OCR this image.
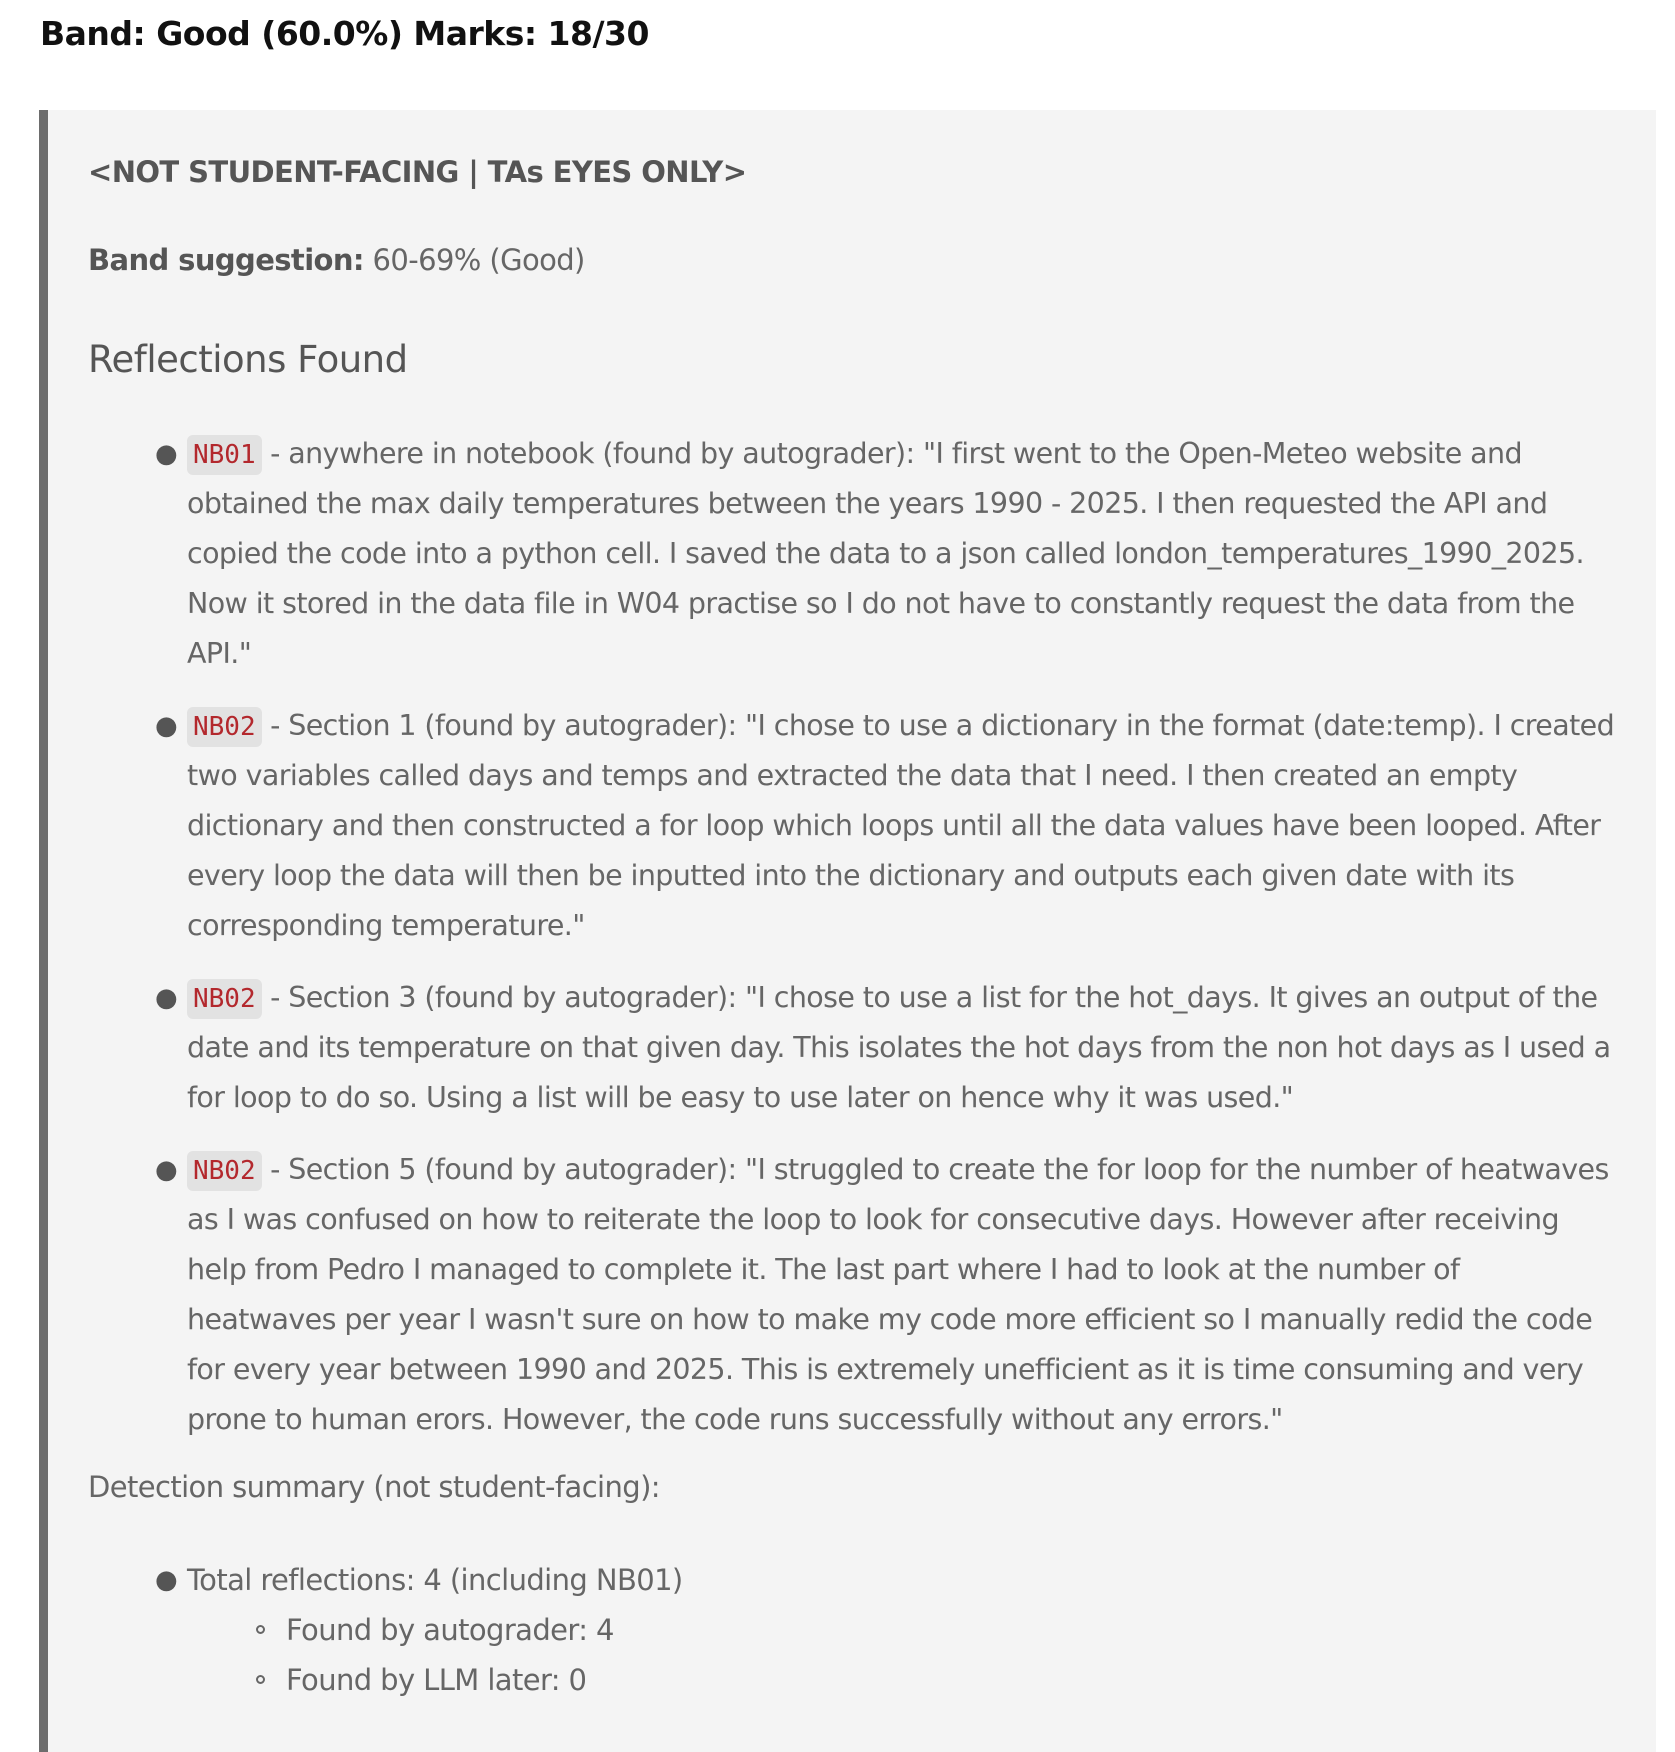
Band: Good (60.0%) Marks: 18/30

<NOT STUDENT-FACING | TAs EYES ONLY>

Band suggestion: 60-69% (Good)

Reflections Found
● NB01 - anywhere in notebook (found by autograder): "I first went to the Open-Meteo website and obtained the max daily temperatures between the years 1990 - 2025. I then requested the API and copied the code into a python cell. I saved the data to a json called london_temperatures_1990_2025. Now it stored in the data file in W04 practise so I do not have to constantly request the data from the API."
● NB02 - Section 1 (found by autograder): "I chose to use a dictionary in the format (date:temp). I created two variables called days and temps and extracted the data that I need. I then created an empty dictionary and then constructed a for loop which loops until all the data values have been looped. After every loop the data will then be inputted into the dictionary and outputs each given date with its corresponding temperature."
● NB02 - Section 3 (found by autograder): "I chose to use a list for the hot_days. It gives an output of the date and its temperature on that given day. This isolates the hot days from the non hot days as I used a for loop to do so. Using a list will be easy to use later on hence why it was used."
● NB02 - Section 5 (found by autograder): "I struggled to create the for loop for the number of heatwaves as I was confused on how to reiterate the loop to look for consecutive days. However after receiving help from Pedro I managed to complete it. The last part where I had to look at the number of heatwaves per year I wasn't sure on how to make my code more efficient so I manually redid the code for every year between 1990 and 2025. This is extremely unefficient as it is time consuming and very prone to human erors. However, the code runs successfully without any errors."

Detection summary (not student-facing):

● Total reflections: 4 (including NB01)
Found by autograder: 4
Found by LLM later: 0
